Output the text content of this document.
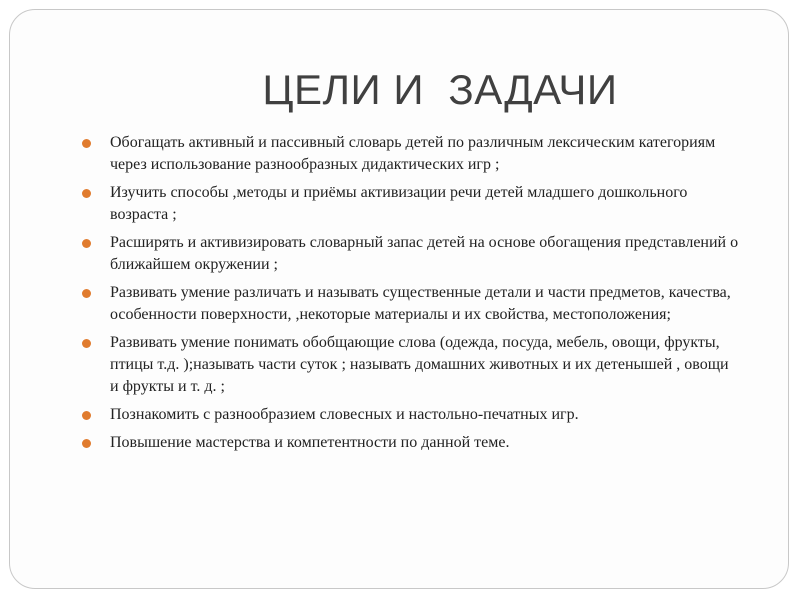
ЦЕЛИ И  ЗАДАЧИ
Обогащать активный и пассивный словарь детей по различным лексическим категориям через использование разнообразных дидактических игр ;
Изучить способы ,методы и приёмы активизации речи детей младшего дошкольного возраста ;
Расширять и активизировать словарный запас детей на основе обогащения представлений о ближайшем окружении ;
Развивать умение различать и называть существенные детали и части предметов, качества, особенности поверхности, ,некоторые материалы и их свойства, местоположения;
Развивать умение понимать обобщающие слова (одежда, посуда, мебель, овощи, фрукты, птицы т.д. );называть части суток ; называть домашних животных и их детенышей , овощи и фрукты и т. д. ;
Познакомить с разнообразием словесных и настольно-печатных игр.
Повышение мастерства и компетентности по данной теме.
